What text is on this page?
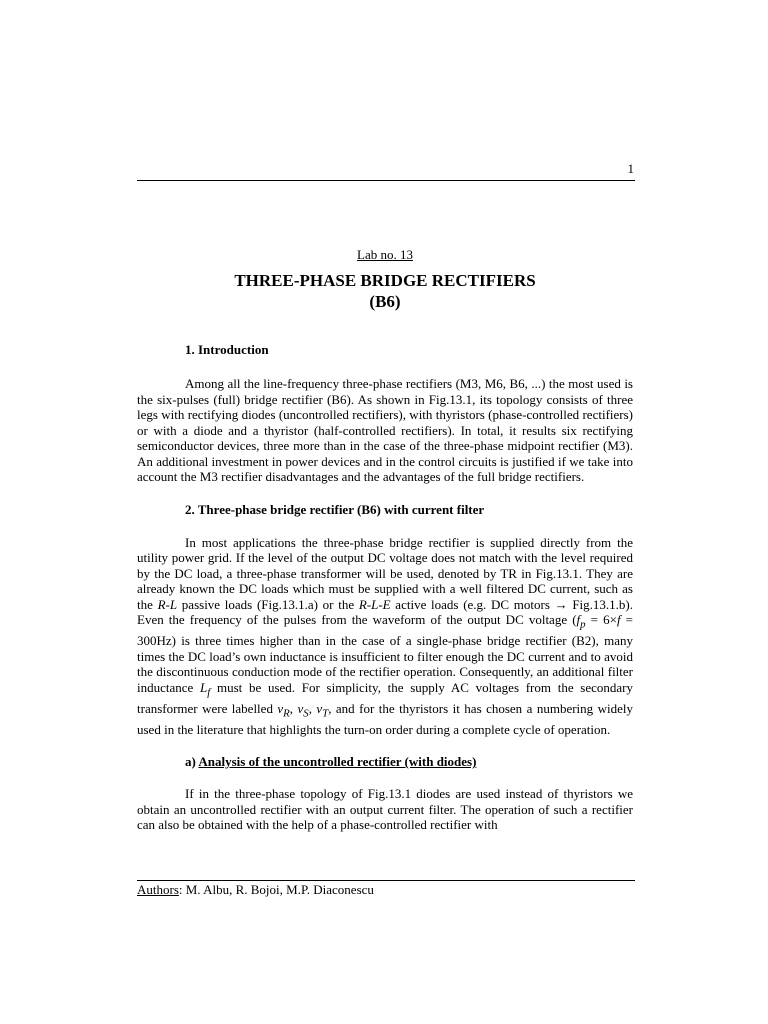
1
Lab no. 13
THREE-PHASE BRIDGE RECTIFIERS
(B6)
1. Introduction

Among all the line-frequency three-phase rectifiers (M3, M6, B6, ...) the most used is the six-pulses (full) bridge rectifier (B6). As shown in Fig.13.1, its topology consists of three legs with rectifying diodes (uncontrolled rectifiers), with thyristors (phase-controlled rectifiers) or with a diode and a thyristor (half-controlled rectifiers). In total, it results six rectifying semiconductor devices, three more than in the case of the three-phase midpoint rectifier (M3). An additional investment in power devices and in the control circuits is justified if we take into account the M3 rectifier disadvantages and the advantages of the full bridge rectifiers.

2. Three-phase bridge rectifier (B6) with current filter

In most applications the three-phase bridge rectifier is supplied directly from the utility power grid. If the level of the output DC voltage does not match with the level required by the DC load, a three-phase transformer will be used, denoted by TR in Fig.13.1. They are already known the DC loads which must be supplied with a well filtered DC current, such as the R-L passive loads (Fig.13.1.a) or the R-L-E active loads (e.g. DC motors → Fig.13.1.b). Even the frequency of the pulses from the waveform of the output DC voltage $(f_p = 6\times f = 300Hz)$ is three times higher than in the case of a single-phase bridge rectifier (B2), many times the DC load’s own inductance is insufficient to filter enough the DC current and to avoid the discontinuous conduction mode of the rectifier operation. Consequently, an additional filter inductance $L_f$ must be used. For simplicity, the supply AC voltages from the secondary transformer were labelled $v_R$, $v_S$, $v_T$, and for the thyristors it has chosen a numbering widely used in the literature that highlights the turn-on order during a complete cycle of operation.

a) Analysis of the uncontrolled rectifier (with diodes)

If in the three-phase topology of Fig.13.1 diodes are used instead of thyristors we obtain an uncontrolled rectifier with an output current filter. The operation of such a rectifier can also be obtained with the help of a phase-controlled rectifier with

Authors: M. Albu, R. Bojoi, M.P. Diaconescu
